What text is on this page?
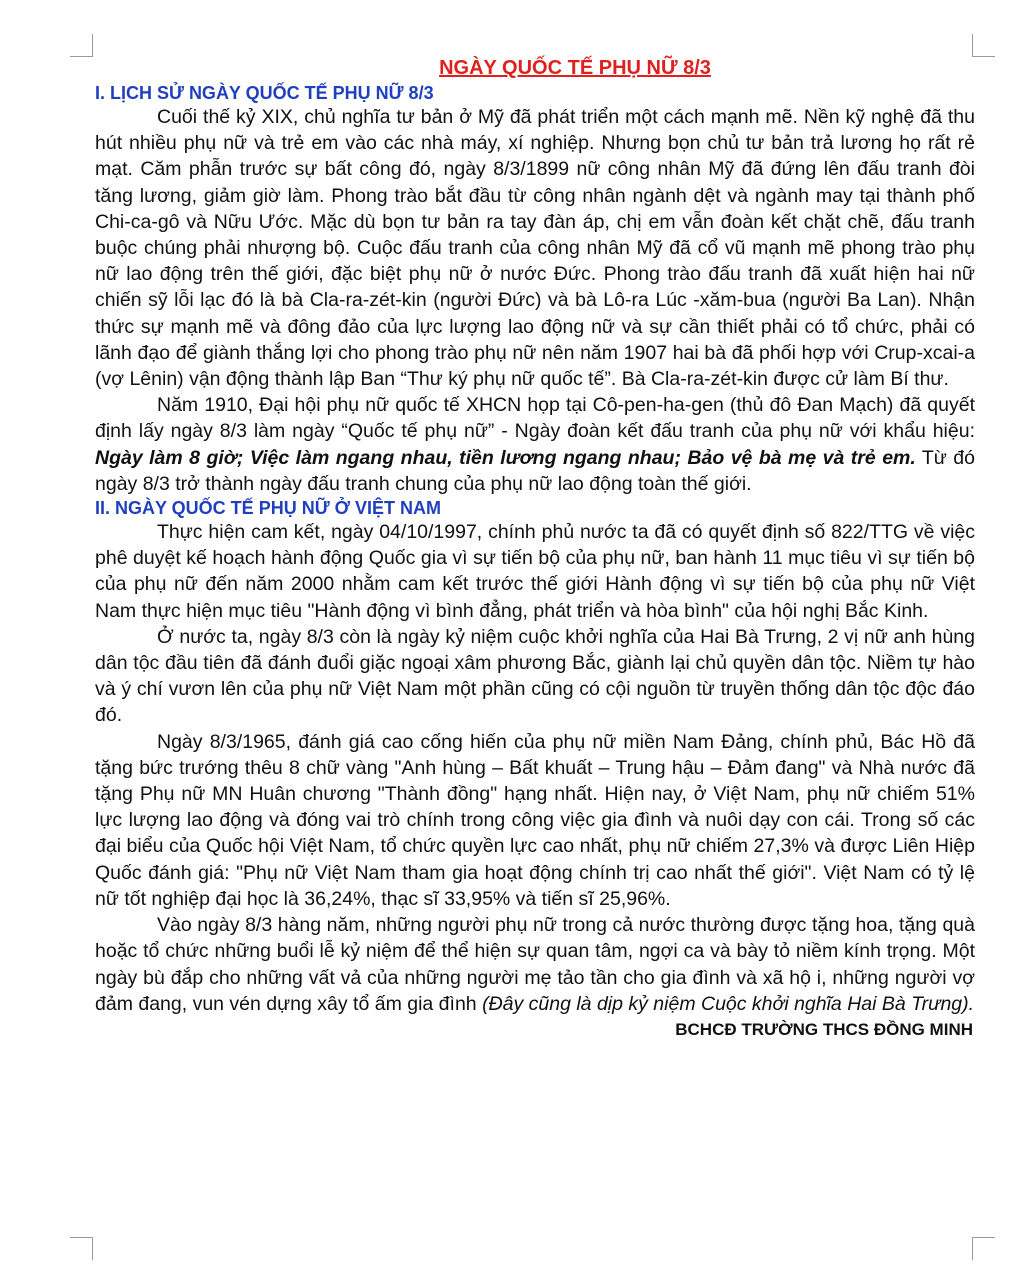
NGÀY QUỐC TẾ PHỤ NỮ 8/3
I. LỊCH SỬ NGÀY QUỐC TẾ PHỤ NỮ 8/3

Cuối thế kỷ XIX, chủ nghĩa tư bản ở Mỹ đã phát triển một cách mạnh mẽ. Nền kỹ nghệ đã thu hút nhiều phụ nữ và trẻ em vào các nhà máy, xí nghiệp. Nhưng bọn chủ tư bản trả lương họ rất rẻ mạt. Căm phẫn trước sự bất công đó, ngày 8/3/1899 nữ công nhân Mỹ đã đứng lên đấu tranh đòi tăng lương, giảm giờ làm. Phong trào bắt đầu từ công nhân ngành dệt và ngành may tại thành phố Chi-ca-gô và Nữu Ước. Mặc dù bọn tư bản ra tay đàn áp, chị em vẫn đoàn kết chặt chẽ, đấu tranh buộc chúng phải nhượng bộ. Cuộc đấu tranh của công nhân Mỹ đã cổ vũ mạnh mẽ phong trào phụ nữ lao động trên thế giới, đặc biệt phụ nữ ở nước Đức. Phong trào đấu tranh đã xuất hiện hai nữ chiến sỹ lỗi lạc đó là bà Cla-ra-zét-kin (người Đức) và bà Lô-ra Lúc -xăm-bua (người Ba Lan). Nhận thức sự mạnh mẽ và đông đảo của lực lượng lao động nữ và sự cần thiết phải có tổ chức, phải có lãnh đạo để giành thắng lợi cho phong trào phụ nữ nên năm 1907 hai bà đã phối hợp với Crup-xcai-a (vợ Lênin) vận động thành lập Ban “Thư ký phụ nữ quốc tế”. Bà Cla-ra-zét-kin được cử làm Bí thư.

Năm 1910, Đại hội phụ nữ quốc tế XHCN họp tại Cô-pen-ha-gen (thủ đô Đan Mạch) đã quyết định lấy ngày 8/3 làm ngày “Quốc tế phụ nữ” - Ngày đoàn kết đấu tranh của phụ nữ với khẩu hiệu: Ngày làm 8 giờ; Việc làm ngang nhau, tiền lương ngang nhau; Bảo vệ bà mẹ và trẻ em. Từ đó ngày 8/3 trở thành ngày đấu tranh chung của phụ nữ lao động toàn thế giới.

II. NGÀY QUỐC TẾ PHỤ NỮ Ở VIỆT NAM

Thực hiện cam kết, ngày 04/10/1997, chính phủ nước ta đã có quyết định số 822/TTG về việc phê duyệt kế hoạch hành động Quốc gia vì sự tiến bộ của phụ nữ, ban hành 11 mục tiêu vì sự tiến bộ của phụ nữ đến năm 2000 nhằm cam kết trước thế giới Hành động vì sự tiến bộ của phụ nữ Việt Nam thực hiện mục tiêu "Hành động vì bình đẳng, phát triển và hòa bình" của hội nghị Bắc Kinh.

Ở nước ta, ngày 8/3 còn là ngày kỷ niệm cuộc khởi nghĩa của Hai Bà Trưng, 2 vị nữ anh hùng dân tộc đầu tiên đã đánh đuổi giặc ngoại xâm phương Bắc, giành lại chủ quyền dân tộc. Niềm tự hào và ý chí vươn lên của phụ nữ Việt Nam một phần cũng có cội nguồn từ truyền thống dân tộc độc đáo đó.

Ngày 8/3/1965, đánh giá cao cống hiến của phụ nữ miền Nam Đảng, chính phủ, Bác Hồ đã tặng bức trướng thêu 8 chữ vàng "Anh hùng – Bất khuất – Trung hậu – Đảm đang" và Nhà nước đã tặng Phụ nữ MN Huân chương "Thành đồng" hạng nhất. Hiện nay, ở Việt Nam, phụ nữ chiếm 51% lực lượng lao động và đóng vai trò chính trong công việc gia đình và nuôi dạy con cái. Trong số các đại biểu của Quốc hội Việt Nam, tổ chức quyền lực cao nhất, phụ nữ chiếm 27,3% và được Liên Hiệp Quốc đánh giá: "Phụ nữ Việt Nam tham gia hoạt động chính trị cao nhất thế giới". Việt Nam có tỷ lệ nữ tốt nghiệp đại học là 36,24%, thạc sĩ 33,95% và tiến sĩ 25,96%.

Vào ngày 8/3 hàng năm, những người phụ nữ trong cả nước thường được tặng hoa, tặng quà hoặc tổ chức những buổi lễ kỷ niệm để thể hiện sự quan tâm, ngợi ca và bày tỏ niềm kính trọng. Một ngày bù đắp cho những vất vả của những người mẹ tảo tần cho gia đình và xã hộ i, những người vợ đảm đang, vun vén dựng xây tổ ấm gia đình (Đây cũng là dịp kỷ niệm Cuộc khởi nghĩa Hai Bà Trưng).

BCHCĐ TRƯỜNG THCS ĐỒNG MINH
